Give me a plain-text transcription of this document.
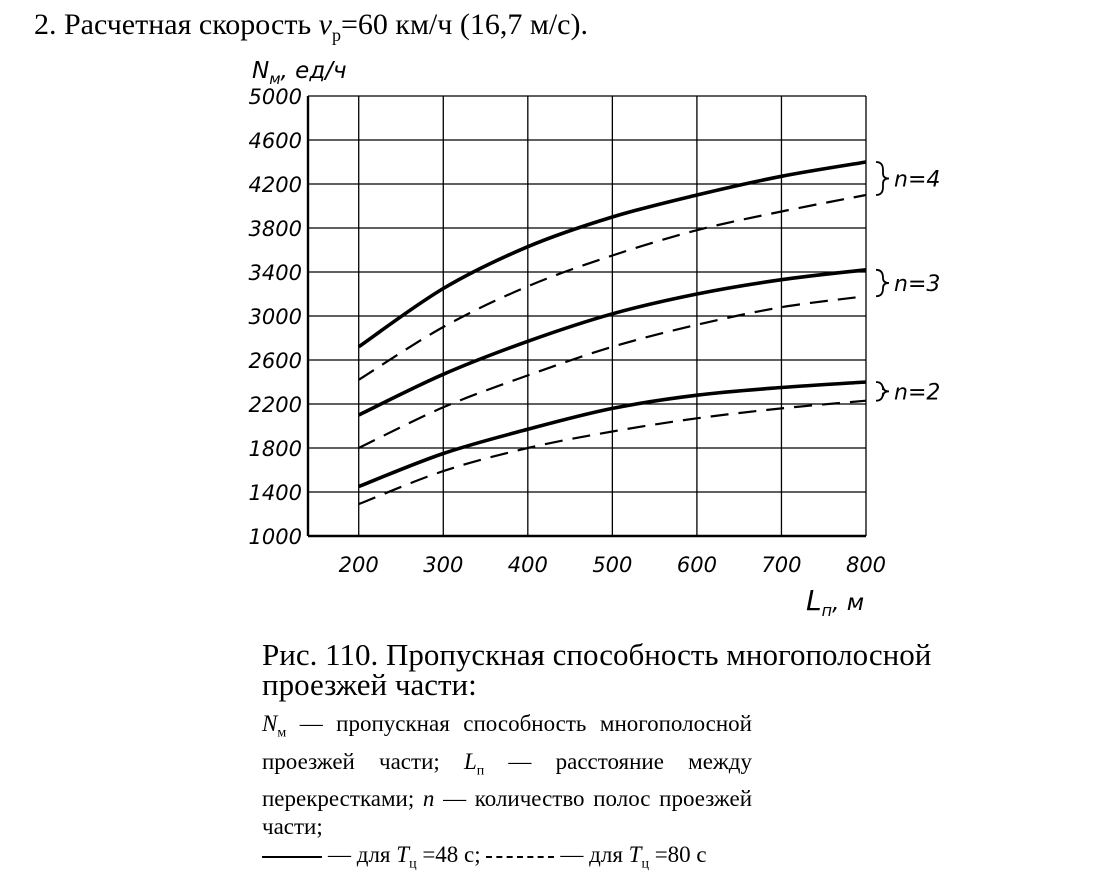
2. Расчетная скорость $v_р=60$ км/ч (16,7 м/с).
$N_м$, ед/ч
$L_п$, м
1000
1400
1800
2200
2600
3000
3400
3800
4200
4600
5000
200 300 400 500 600 700 800
n=4
n=3
n=2
Рис. 110. Пропускная способность многополосной проезжей части:
$N_м$ — пропускная способность многополосной проезжей части; $L_п$ — расстояние между перекрестками; n — количество полос проезжей части;
— для $T_ц =48$ с;	— для $T_ц =80$ с
